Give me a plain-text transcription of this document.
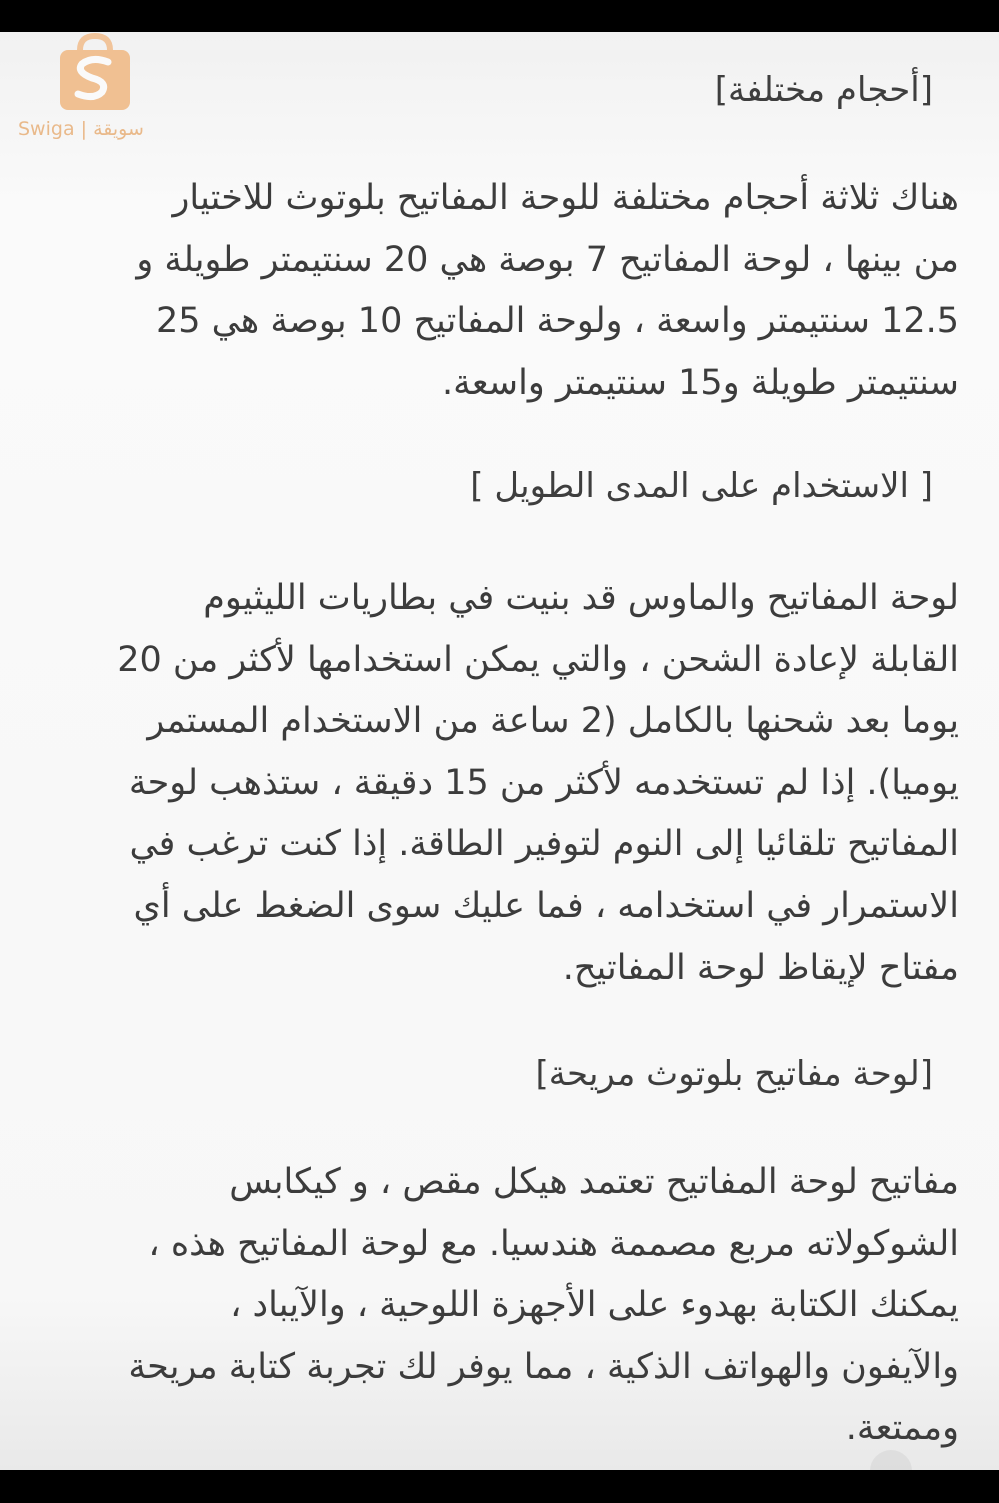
Swiga | سويقة
[أحجام مختلفة]
هناك ثلاثة أحجام مختلفة للوحة المفاتيح بلوتوث للاختيار
من بينها ، لوحة المفاتيح 7 بوصة هي 20 سنتيمتر طويلة و
12.5 سنتيمتر واسعة ، ولوحة المفاتيح 10 بوصة هي 25
سنتيمتر طويلة و15 سنتيمتر واسعة.
[ الاستخدام على المدى الطويل ]
لوحة المفاتيح والماوس قد بنيت في بطاريات الليثيوم
القابلة لإعادة الشحن ، والتي يمكن استخدامها لأكثر من 20
يوما بعد شحنها بالكامل (2 ساعة من الاستخدام المستمر
يوميا). إذا لم تستخدمه لأكثر من 15 دقيقة ، ستذهب لوحة
المفاتيح تلقائيا إلى النوم لتوفير الطاقة. إذا كنت ترغب في
الاستمرار في استخدامه ، فما عليك سوى الضغط على أي
مفتاح لإيقاظ لوحة المفاتيح.
[لوحة مفاتيح بلوتوث مريحة]
مفاتيح لوحة المفاتيح تعتمد هيكل مقص ، و كيكابس
الشوكولاته مربع مصممة هندسيا. مع لوحة المفاتيح هذه ،
يمكنك الكتابة بهدوء على الأجهزة اللوحية ، والآيباد ،
والآيفون والهواتف الذكية ، مما يوفر لك تجربة كتابة مريحة
وممتعة.
